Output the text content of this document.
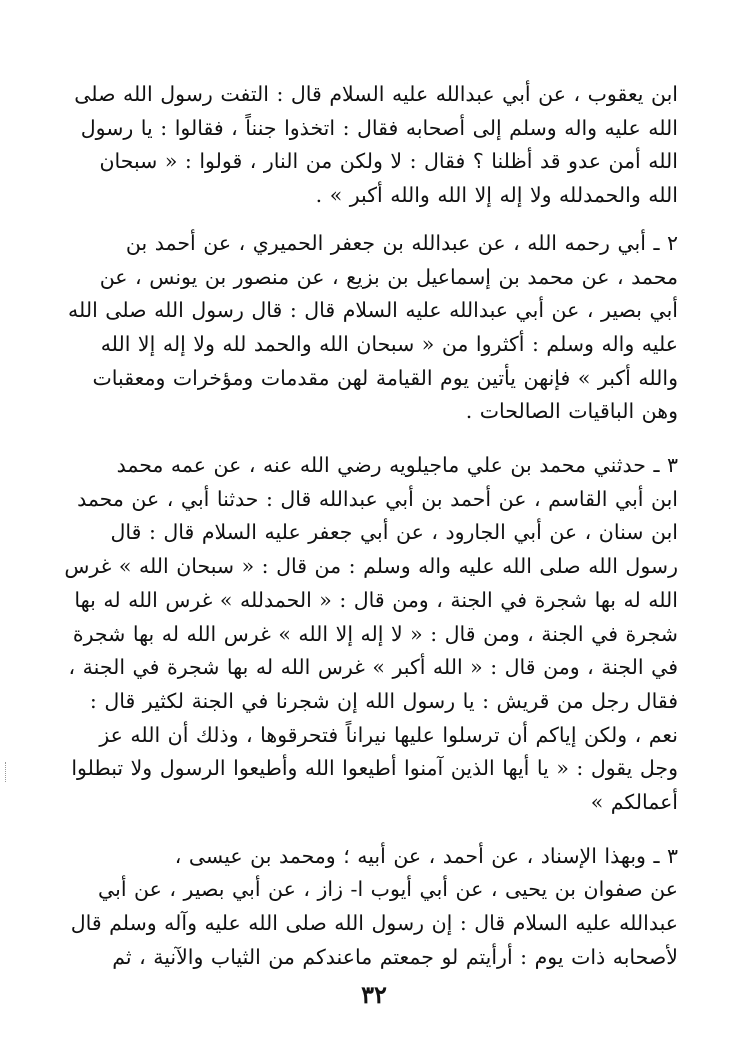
ابن يعقوب ، عن أبي عبدالله عليه السلام قال : التفت رسول الله صلى
الله عليه واله وسلم إلى أصحابه فقال : اتخذوا جنناً ، فقالوا : يا رسول
الله أمن عدو قد أظلنا ؟ فقال : لا ولكن من النار ، قولوا : « سبحان
الله والحمدلله ولا إله إلا الله والله أكبر » .

٢ ـ أبي رحمه الله ، عن عبدالله بن جعفر الحميري ، عن أحمد بن
محمد ، عن محمد بن إسماعيل بن بزيع ، عن منصور بن يونس ، عن
أبي بصير ، عن أبي عبدالله عليه السلام قال : قال رسول الله صلى الله
عليه واله وسلم : أكثروا من « سبحان الله والحمد لله ولا إله إلا الله
والله أكبر » فإنهن يأتين يوم القيامة لهن مقدمات ومؤخرات ومعقبات
وهن الباقيات الصالحات .

٣ ـ حدثني محمد بن علي ماجيلويه رضي الله عنه ، عن عمه محمد
ابن أبي القاسم ، عن أحمد بن أبي عبدالله قال : حدثنا أبي ، عن محمد
ابن سنان ، عن أبي الجارود ، عن أبي جعفر عليه السلام قال : قال
رسول الله صلى الله عليه واله وسلم : من قال : « سبحان الله » غرس
الله له بها شجرة في الجنة ، ومن قال : « الحمدلله » غرس الله له بها
شجرة في الجنة ، ومن قال : « لا إله إلا الله » غرس الله له بها شجرة
في الجنة ، ومن قال : « الله أكبر » غرس الله له بها شجرة في الجنة ،
فقال رجل من قريش : يا رسول الله إن شجرنا في الجنة لكثير قال :
نعم ، ولكن إياكم أن ترسلوا عليها نيراناً فتحرقوها ، وذلك أن الله عز
وجل يقول : « يا أيها الذين آمنوا أطيعوا الله وأطيعوا الرسول ولا تبطلوا
أعمالكم »

٣ ـ وبهذا الإسناد ، عن أحمد ، عن أبيه ؛ ومحمد بن عيسى ،
عن صفوان بن يحيى ، عن أبي أيوب ا- زاز ، عن أبي بصير ، عن أبي
عبدالله عليه السلام قال : إن رسول الله صلى الله عليه وآله وسلم قال
لأصحابه ذات يوم : أرأيتم لو جمعتم ماعندكم من الثياب والآنية ، ثم

٣٢
